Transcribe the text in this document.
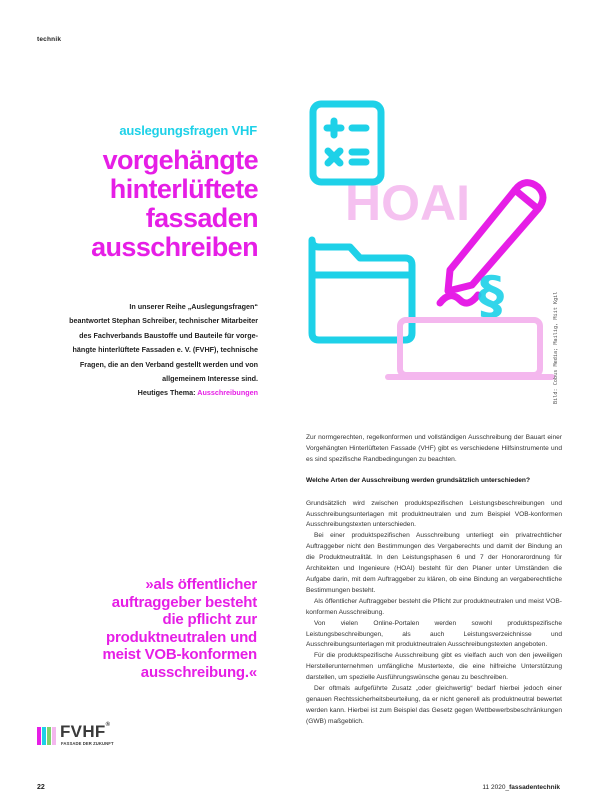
technik
auslegungsfragen VHF
vorgehängte
hinterlüftete
fassaden
ausschreiben
In unserer Reihe „Auslegungsfragen“
beantwortet Stephan Schreiber, technischer Mitarbeiter
des Fachverbands Baustoffe und Bauteile für vorge-
hängte hinterlüftete Fassaden e. V. (FVHF), technische
Fragen, die an den Verband gestellt werden und von
allgemeinem Interesse sind.
Heutiges Thema: Ausschreibungen
HOAI
§	Bild: Cobus Media; Mailig, Miit Kgil
»als öffentlicher
auftraggeber besteht
die pflicht zur
produktneutralen und
meist VOB-konformen
ausschreibung.«

Zur normgerechten, regelkonformen und vollständigen Ausschreibung der Bauart einer Vorgehängten Hinterlüfteten Fassade (VHF) gibt es verschiedene Hilfsinstrumente und es sind spezifische Randbedingungen zu beachten.

Welche Arten der Ausschreibung werden grundsätzlich unterschieden?

Grundsätzlich wird zwischen produktspezifischen Leistungsbeschreibungen und Ausschreibungsunterlagen mit produktneutralen und zum Beispiel VOB-konformen Ausschreibungstexten unterschieden.

Bei einer produktspezifischen Ausschreibung unterliegt ein privatrechtlicher Auftraggeber nicht den Bestimmungen des Vergaberechts und damit der Bindung an die Produktneutralität. In den Leistungsphasen 6 und 7 der Honorarordnung für Architekten und Ingenieure (HOAI) besteht für den Planer unter Umständen die Aufgabe darin, mit dem Auftraggeber zu klären, ob eine Bindung an vergaberechtliche Bestimmungen besteht.

Als öffentlicher Auftraggeber besteht die Pflicht zur produktneutralen und meist VOB-konformen Ausschreibung.

Von vielen Online-Portalen werden sowohl produktspezifische Leistungsbeschreibungen, als auch Leistungsverzeichnisse und Ausschreibungsunterlagen mit produktneutralen Ausschreibungstexten angeboten.

Für die produktspezifische Ausschreibung gibt es vielfach auch von den jeweiligen Herstellerunternehmen umfängliche Mustertexte, die eine hilfreiche Unterstützung darstellen, um spezielle Ausführungswünsche genau zu beschreiben.

Der oftmals aufgeführte Zusatz „oder gleichwertig“ bedarf hierbei jedoch einer genauen Rechtssicherheitsbeurteilung, da er nicht generell als produktneutral bewertet werden kann. Hierbei ist zum Beispiel das Gesetz gegen Wettbewerbsbeschränkungen (GWB) maßgeblich.

FVHF®
FASSADE DER ZUKUNFT
22	11 2020_fassadentechnik
